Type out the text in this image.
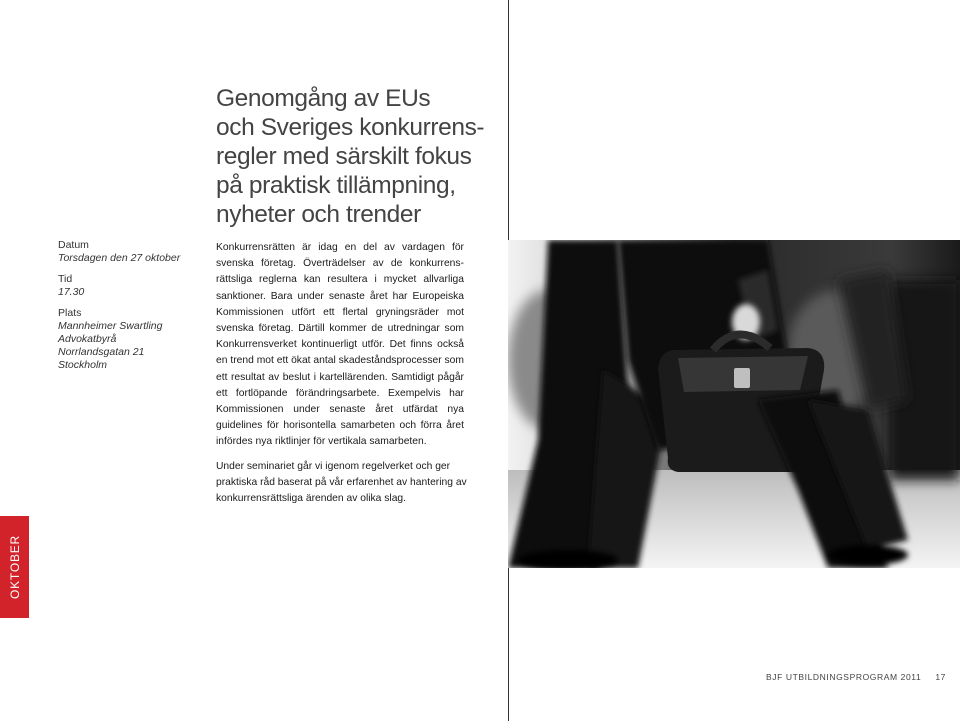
Datum
Torsdagen den 27 oktober
Tid
17.30
Plats
Mannheimer Swartling
Advokatbyrå
Norrlandsgatan 21
Stockholm
Genomgång av EUs
och Sveriges konkurrens-
regler med särskilt fokus
på praktisk tillämpning,
nyheter och trender

Konkurrensrätten är idag en del av vardagen för svenska företag. Överträdelser av de konkurrens-rättsliga reglerna kan resultera i mycket allvarliga sanktioner. Bara under senaste året har Europeiska Kommissionen utfört ett flertal gryningsräder mot svenska företag. Därtill kommer de utredningar som Konkurrensverket kontinuerligt utför. Det finns också en trend mot ett ökat antal skadeståndsprocesser som ett resultat av beslut i kartellärenden. Samtidigt pågår ett fortlöpande förändringsarbete. Exempelvis har Kommissionen under senaste året utfärdat nya guidelines för horisontella samarbeten och förra året infördes nya riktlinjer för vertikala samarbeten.

Under seminariet går vi igenom regelverket och ger praktiska råd baserat på vår erfarenhet av hantering av konkurrensrättsliga ärenden av olika slag.

OKTOBER
BJF UTBILDNINGSPROGRAM 2011 17
